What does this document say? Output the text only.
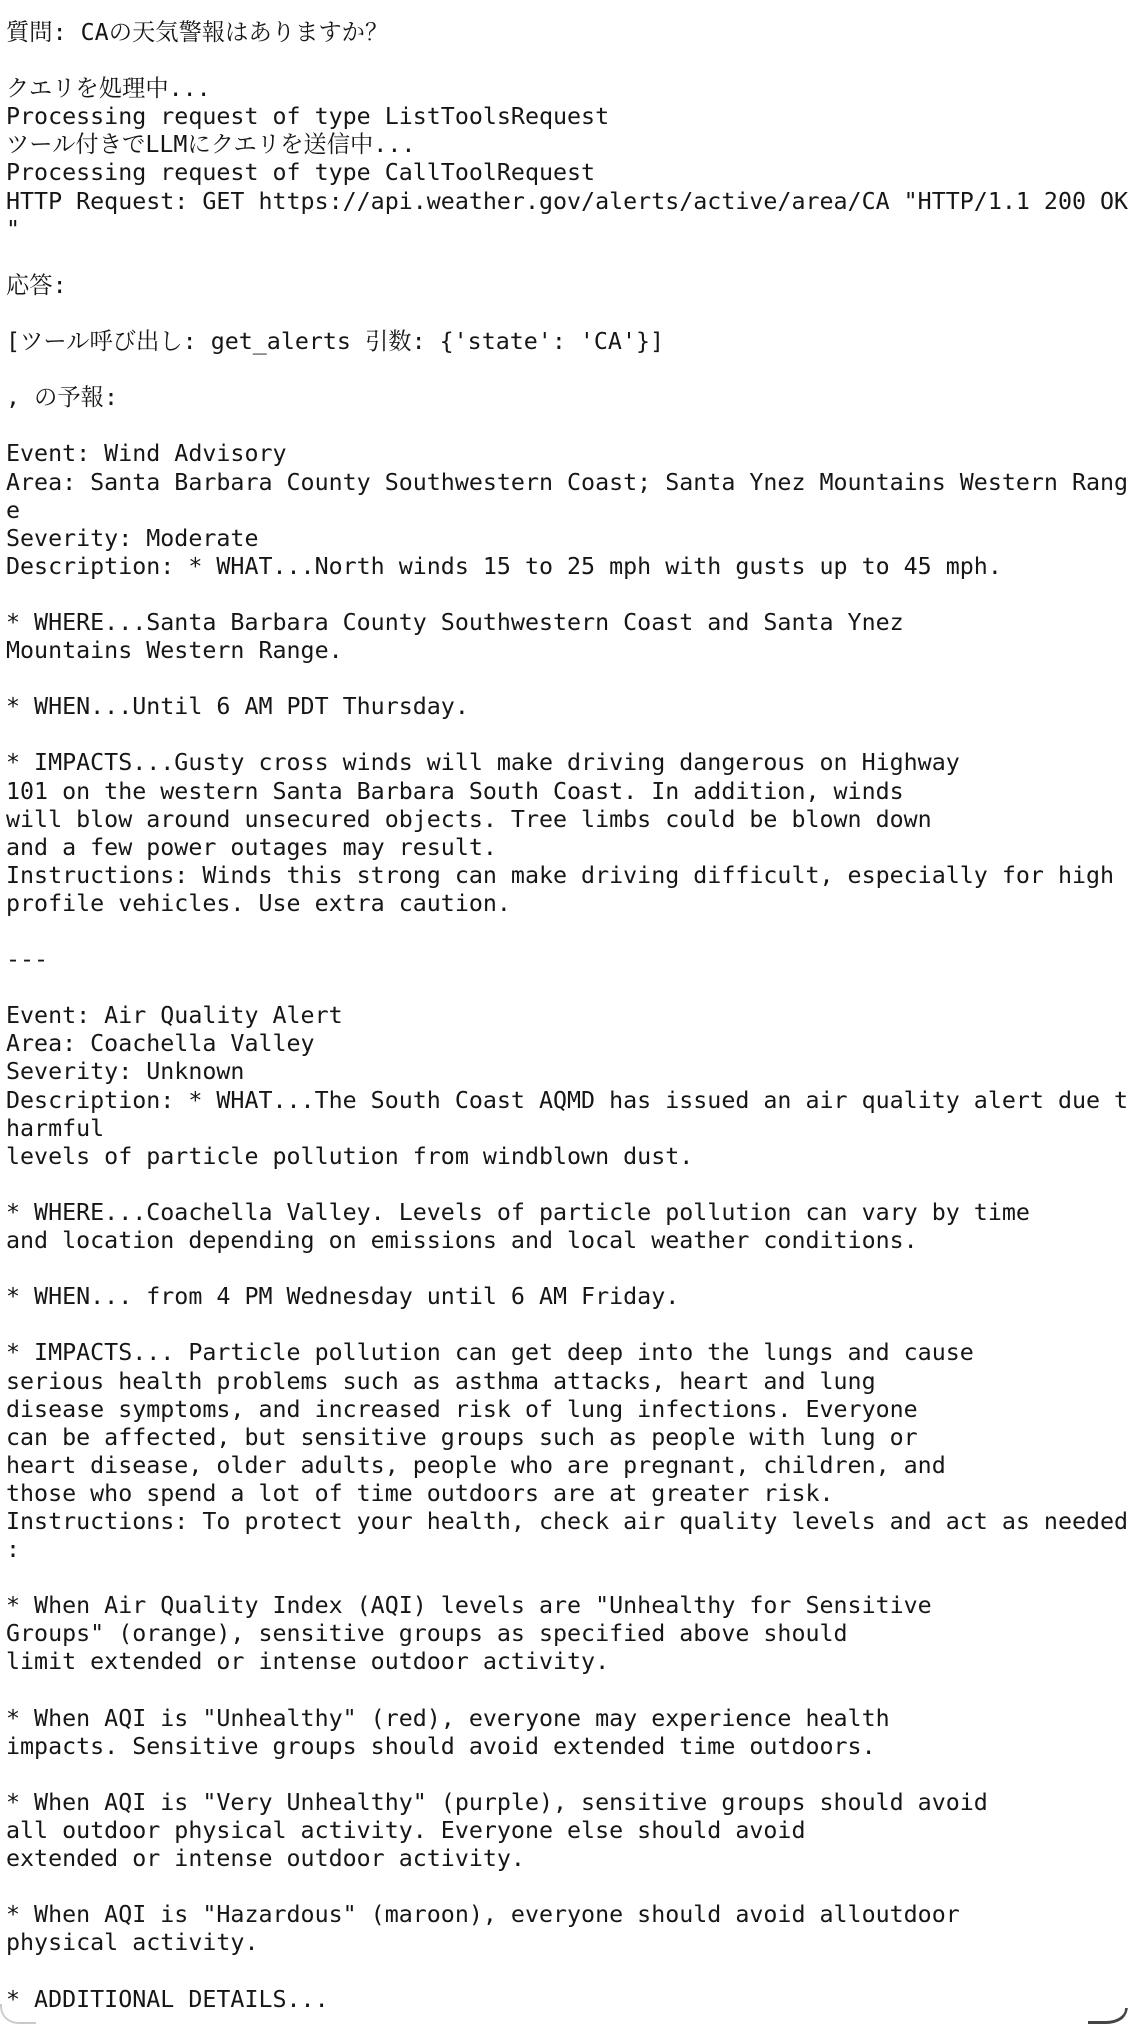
質問: CAの天気警報はありますか？

クエリを処理中...
Processing request of type ListToolsRequest
ツール付きでLLMにクエリを送信中...
Processing request of type CallToolRequest
HTTP Request: GET https://api.weather.gov/alerts/active/area/CA "HTTP/1.1 200 OK
"

応答:

[ツール呼び出し: get_alerts 引数: {'state': 'CA'}]

, の予報:

Event: Wind Advisory
Area: Santa Barbara County Southwestern Coast; Santa Ynez Mountains Western Rang
e
Severity: Moderate
Description: * WHAT...North winds 15 to 25 mph with gusts up to 45 mph.

* WHERE...Santa Barbara County Southwestern Coast and Santa Ynez
Mountains Western Range.

* WHEN...Until 6 AM PDT Thursday.

* IMPACTS...Gusty cross winds will make driving dangerous on Highway
101 on the western Santa Barbara South Coast. In addition, winds
will blow around unsecured objects. Tree limbs could be blown down
and a few power outages may result.
Instructions: Winds this strong can make driving difficult, especially for high
profile vehicles. Use extra caution.

---

Event: Air Quality Alert
Area: Coachella Valley
Severity: Unknown
Description: * WHAT...The South Coast AQMD has issued an air quality alert due t
harmful
levels of particle pollution from windblown dust.

* WHERE...Coachella Valley. Levels of particle pollution can vary by time
and location depending on emissions and local weather conditions.

* WHEN... from 4 PM Wednesday until 6 AM Friday.

* IMPACTS... Particle pollution can get deep into the lungs and cause
serious health problems such as asthma attacks, heart and lung
disease symptoms, and increased risk of lung infections. Everyone
can be affected, but sensitive groups such as people with lung or
heart disease, older adults, people who are pregnant, children, and
those who spend a lot of time outdoors are at greater risk.
Instructions: To protect your health, check air quality levels and act as needed
:

* When Air Quality Index (AQI) levels are "Unhealthy for Sensitive
Groups" (orange), sensitive groups as specified above should
limit extended or intense outdoor activity.

* When AQI is "Unhealthy" (red), everyone may experience health
impacts. Sensitive groups should avoid extended time outdoors.

* When AQI is "Very Unhealthy" (purple), sensitive groups should avoid
all outdoor physical activity. Everyone else should avoid
extended or intense outdoor activity.

* When AQI is "Hazardous" (maroon), everyone should avoid alloutdoor
physical activity.

* ADDITIONAL DETAILS...
